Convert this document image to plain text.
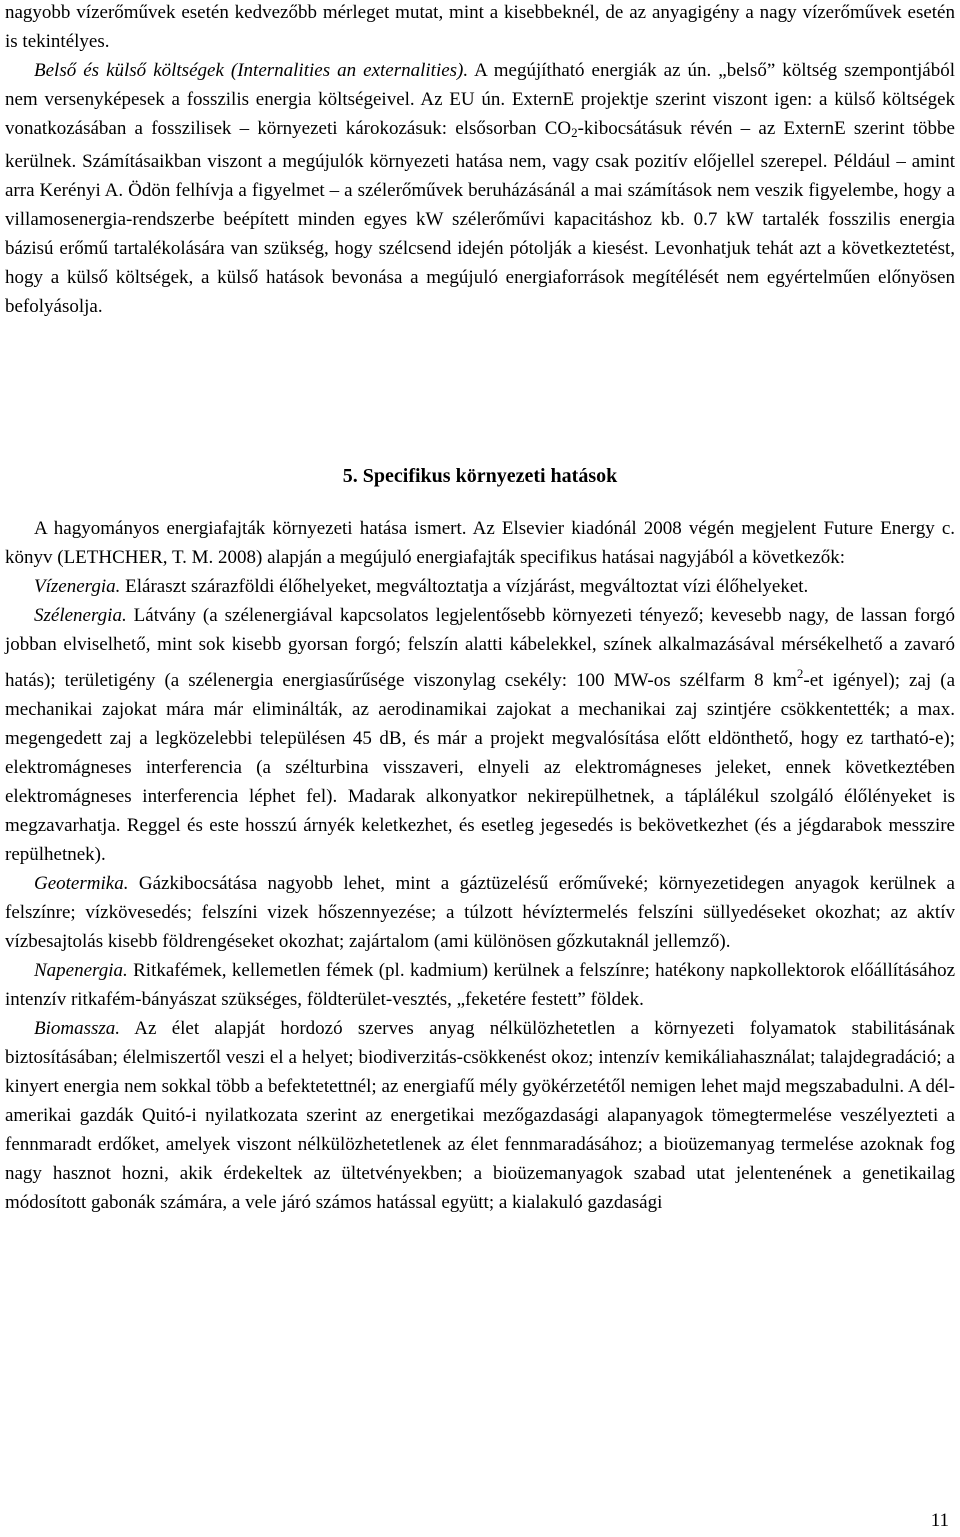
nagyobb vízerőművek esetén kedvezőbb mérleget mutat, mint a kisebbeknél, de az anyagigény a nagy vízerőművek esetén is tekintélyes.

Belső és külső költségek (Internalities an externalities). A megújítható energiák az ún. „belső” költség szempontjából nem versenyképesek a fosszilis energia költségeivel. Az EU ún. ExternE projektje szerint viszont igen: a külső költségek vonatkozásában a fosszilisek – környezeti károkozásuk: elsősorban $CO_2$-kibocsátásuk révén – az ExternE szerint többe kerülnek. Számításaikban viszont a megújulók környezeti hatása nem, vagy csak pozitív előjellel szerepel. Például – amint arra Kerényi A. Ödön felhívja a figyelmet – a szélerőművek beruházásánál a mai számítások nem veszik figyelembe, hogy a villamosenergia-rendszerbe beépített minden egyes kW szélerőművi kapacitáshoz kb. 0.7 kW tartalék fosszilis energia bázisú erőmű tartalékolására van szükség, hogy szélcsend idején pótolják a kiesést. Levonhatjuk tehát azt a következtetést, hogy a külső költségek, a külső hatások bevonása a megújuló energiaforrások megítélését nem egyértelműen előnyösen befolyásolja.

5. Specifikus környezeti hatások

A hagyományos energiafajták környezeti hatása ismert. Az Elsevier kiadónál 2008 végén megjelent Future Energy c. könyv (LETHCHER, T. M. 2008) alapján a megújuló energiafajták specifikus hatásai nagyjából a következők:

Vízenergia. Eláraszt szárazföldi élőhelyeket, megváltoztatja a vízjárást, megváltoztat vízi élőhelyeket.

Szélenergia. Látvány (a szélenergiával kapcsolatos legjelentősebb környezeti tényező; kevesebb nagy, de lassan forgó jobban elviselhető, mint sok kisebb gyorsan forgó; felszín alatti kábelekkel, színek alkalmazásával mérsékelhető a zavaró hatás); területigény (a szélenergia energiasűrűsége viszonylag csekély: 100 MW-os szélfarm 8 $km^2-et$ igényel); zaj (a mechanikai zajokat mára már eliminálták, az aerodinamikai zajokat a mechanikai zaj szintjére csökkentették; a max. megengedett zaj a legközelebbi településen 45 dB, és már a projekt megvalósítása előtt eldönthető, hogy ez tartható-e); elektromágneses interferencia (a szélturbina visszaveri, elnyeli az elektromágneses jeleket, ennek következtében elektromágneses interferencia léphet fel). Madarak alkonyatkor nekirepülhetnek, a táplálékul szolgáló élőlényeket is megzavarhatja. Reggel és este hosszú árnyék keletkezhet, és esetleg jegesedés is bekövetkezhet (és a jégdarabok messzire repülhetnek).

Geotermika. Gázkibocsátása nagyobb lehet, mint a gáztüzelésű erőműveké; környezetidegen anyagok kerülnek a felszínre; vízkövesedés; felszíni vizek hőszennyezése; a túlzott hévíztermelés felszíni süllyedéseket okozhat; az aktív vízbesajtolás kisebb földrengéseket okozhat; zajártalom (ami különösen gőzkutaknál jellemző).

Napenergia. Ritkafémek, kellemetlen fémek (pl. kadmium) kerülnek a felszínre; hatékony napkollektorok előállításához intenzív ritkafém-bányászat szükséges, földterület-vesztés, „feketére festett” földek.

Biomassza. Az élet alapját hordozó szerves anyag nélkülözhetetlen a környezeti folyamatok stabilitásának biztosításában; élelmiszertől veszi el a helyet; biodiverzitás-csökkenést okoz; intenzív kemikáliahasználat; talajdegradáció; a kinyert energia nem sokkal több a befektetettnél; az energiafű mély gyökérzetétől nemigen lehet majd megszabadulni. A dél-amerikai gazdák Quitó-i nyilatkozata szerint az energetikai mezőgazdasági alapanyagok tömegtermelése veszélyezteti a fennmaradt erdőket, amelyek viszont nélkülözhetetlenek az élet fennmaradásához; a bioüzemanyag termelése azoknak fog nagy hasznot hozni, akik érdekeltek az ültetvényekben; a bioüzemanyagok szabad utat jelentenének a genetikailag módosított gabonák számára, a vele járó számos hatással együtt; a kialakuló gazdasági

11
